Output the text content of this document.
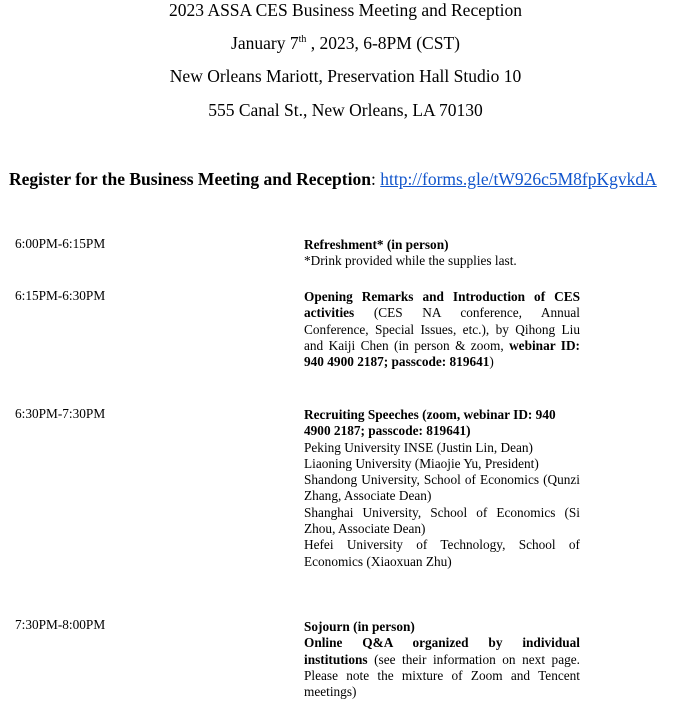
2023 ASSA CES Business Meeting and Reception
January 7th , 2023, 6-8PM (CST)
New Orleans Mariott, Preservation Hall Studio 10
555 Canal St., New Orleans, LA 70130
Register for the Business Meeting and Reception: http://forms.gle/tW926c5M8fpKgvkdA
6:00PM-6:15PM	Refreshment* (in person)

*Drink provided while the supplies last.

6:15PM-6:30PM	Opening Remarks and Introduction of CES activities (CES NA conference, Annual Conference, Special Issues, etc.), by Qihong Liu and Kaiji Chen (in person & zoom, webinar ID: 940 4900 2187; passcode: 819641)

6:30PM-7:30PM	Recruiting Speeches (zoom, webinar ID: 940 4900 2187; passcode: 819641)

Peking University INSE (Justin Lin, Dean)

Liaoning University (Miaojie Yu, President)

Shandong University, School of Economics (Qunzi Zhang, Associate Dean)

Shanghai University, School of Economics (Si Zhou, Associate Dean)

Hefei University of Technology, School of Economics (Xiaoxuan Zhu)

7:30PM-8:00PM	Sojourn (in person)

Online Q&A organized by individual institutions (see their information on next page. Please note the mixture of Zoom and Tencent meetings)
